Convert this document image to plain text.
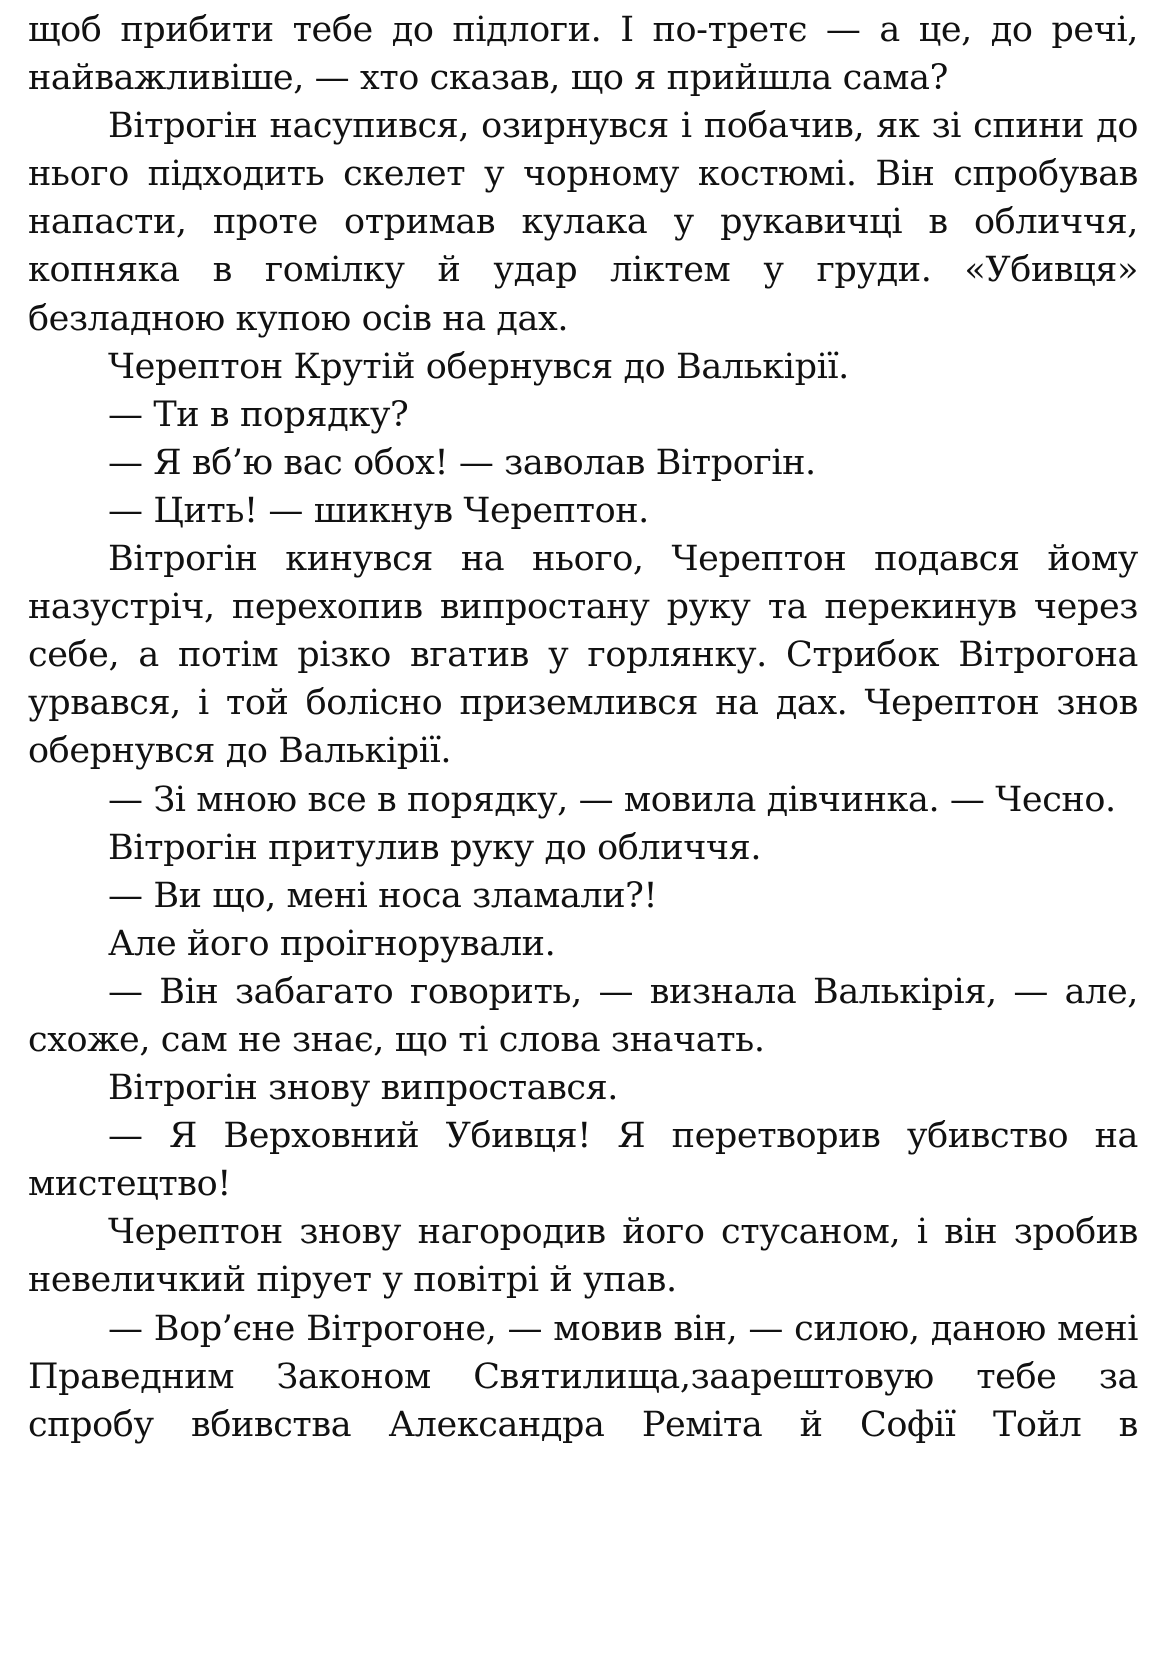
щоб прибити тебе до підлоги. І по-третє — а це, до речі, найважливіше, — хто сказав, що я прийшла сама?

Вітрогін насупився, озирнувся і побачив, як зі спини до нього підходить скелет у чорному костюмі. Він спробував напасти, проте отримав кулака у рукавичці в обличчя, копняка в гомілку й удар ліктем у груди. «Убивця» безладною купою осів на дах.

Черептон Крутій обернувся до Валькірії.

— Ти в порядку?

— Я вб’ю вас обох! — заволав Вітрогін.

— Цить! — шикнув Черептон.

Вітрогін кинувся на нього, Черептон подався йому назустріч, перехопив випростану руку та перекинув через себе, а потім різко вгатив у горлянку. Стрибок Вітрогона урвався, і той болісно приземлився на дах. Черептон знов обернувся до Валькірії.

— Зі мною все в порядку, — мовила дівчинка. — Чесно.

Вітрогін притулив руку до обличчя.

— Ви що, мені носа зламали?!

Але його проігнорували.

— Він забагато говорить, — визнала Валькірія, — але, схоже, сам не знає, що ті слова значать.

Вітрогін знову випростався.

— Я Верховний Убивця! Я перетворив убивство на мистецтво!

Черептон знову нагородив його стусаном, і він зробив невеличкий пірует у повітрі й упав.

— Вор’єне Вітрогоне, — мовив він, — силою, даною мені Праведним Законом Святилища,заарештовую тебе за спробу вбивства Александра Реміта й Софії Тойл в
